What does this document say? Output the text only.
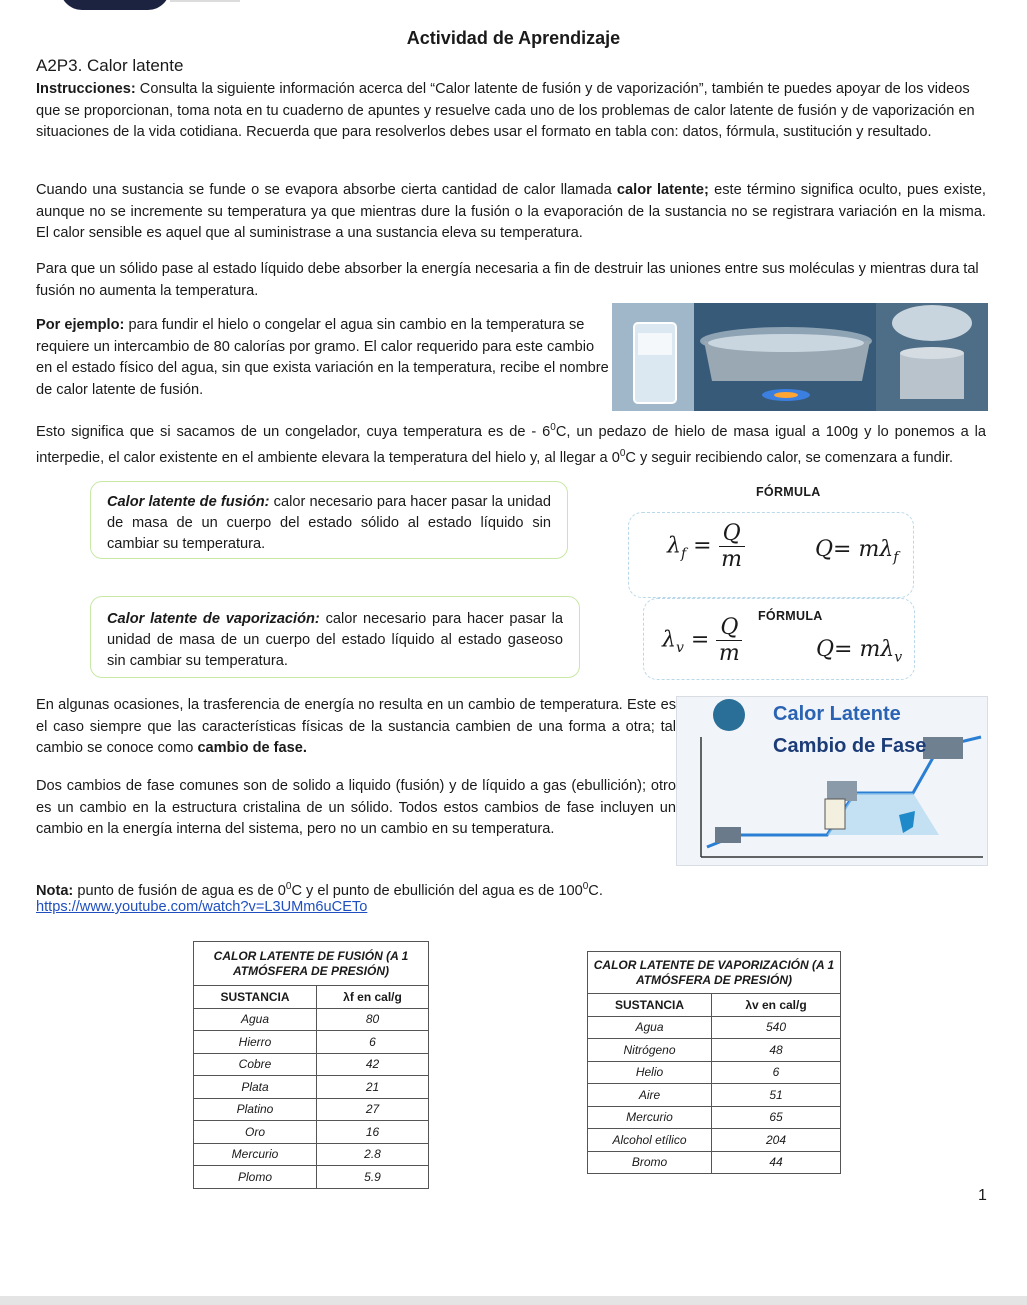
Actividad de Aprendizaje
A2P3. Calor latente
Instrucciones: Consulta la siguiente información acerca del “Calor latente de fusión y de vaporización”, también te puedes apoyar de los videos que se proporcionan, toma nota en tu cuaderno de apuntes y resuelve cada uno de los problemas de calor latente de fusión y de vaporización en situaciones de la vida cotidiana. Recuerda que para resolverlos debes usar el formato en tabla con: datos, fórmula, sustitución y resultado.
Cuando una sustancia se funde o se evapora absorbe cierta cantidad de calor llamada calor latente; este término significa oculto, pues existe, aunque no se incremente su temperatura ya que mientras dure la fusión o la evaporación de la sustancia no se registrara variación en la misma. El calor sensible es aquel que al suministrase a una sustancia eleva su temperatura.
Para que un sólido pase al estado líquido debe absorber la energía necesaria a fin de destruir las uniones entre sus moléculas y mientras dura tal fusión no aumenta la temperatura.
Por ejemplo: para fundir el hielo o congelar el agua sin cambio en la temperatura se requiere un intercambio de 80 calorías por gramo. El calor requerido para este cambio en el estado físico del agua, sin que exista variación en la temperatura, recibe el nombre de calor latente de fusión.
Esto significa que si sacamos de un congelador, cuya temperatura es de - $6^0C$, un pedazo de hielo de masa igual a 100g y lo ponemos a la interpedie, el calor existente en el ambiente elevara la temperatura del hielo y, al llegar a $0^0C$ y seguir recibiendo calor, se comenzara a fundir.
Calor latente de fusión: calor necesario para hacer pasar la unidad de masa de un cuerpo del estado sólido al estado líquido sin cambiar su temperatura.
FÓRMULA
$\lambda_f = \frac{Q}{m}$	$Q= m\lambda_f$
Calor latente de vaporización: calor necesario para hacer pasar la unidad de masa de un cuerpo del estado líquido al estado gaseoso sin cambiar su temperatura.
FÓRMULA
$\lambda_v = \frac{Q}{m}$	$Q= m\lambda_v$
En algunas ocasiones, la trasferencia de energía no resulta en un cambio de temperatura. Este es el caso siempre que las características físicas de la sustancia cambien de una forma a otra; tal cambio se conoce como cambio de fase.
Dos cambios de fase comunes son de solido a liquido (fusión) y de líquido a gas (ebullición); otro es un cambio en la estructura cristalina de un sólido. Todos estos cambios de fase incluyen un cambio en la energía interna del sistema, pero no un cambio en su temperatura.
Calor Latente
Cambio de Fase
Nota: punto de fusión de agua es de $0^0C$ y el punto de ebullición del agua es de $100^0C$.
https://www.youtube.com/watch?v=L3UMm6uCETo
CALOR LATENTE DE FUSIÓN (A 1 ATMÓSFERA DE PRESIÓN)	
SUSTANCIA	λf en cal/g
Agua	80
Hierro	6
Cobre	42
Plata	21
Platino	27
Oro	16
Mercurio	2.8
Plomo	5.9
CALOR LATENTE DE VAPORIZACIÓN (A 1 ATMÓSFERA DE PRESIÓN)	
SUSTANCIA	λv en cal/g
Agua	540
Nitrógeno	48
Helio	6
Aire	51
Mercurio	65
Alcohol etílico	204
Bromo	44
1
